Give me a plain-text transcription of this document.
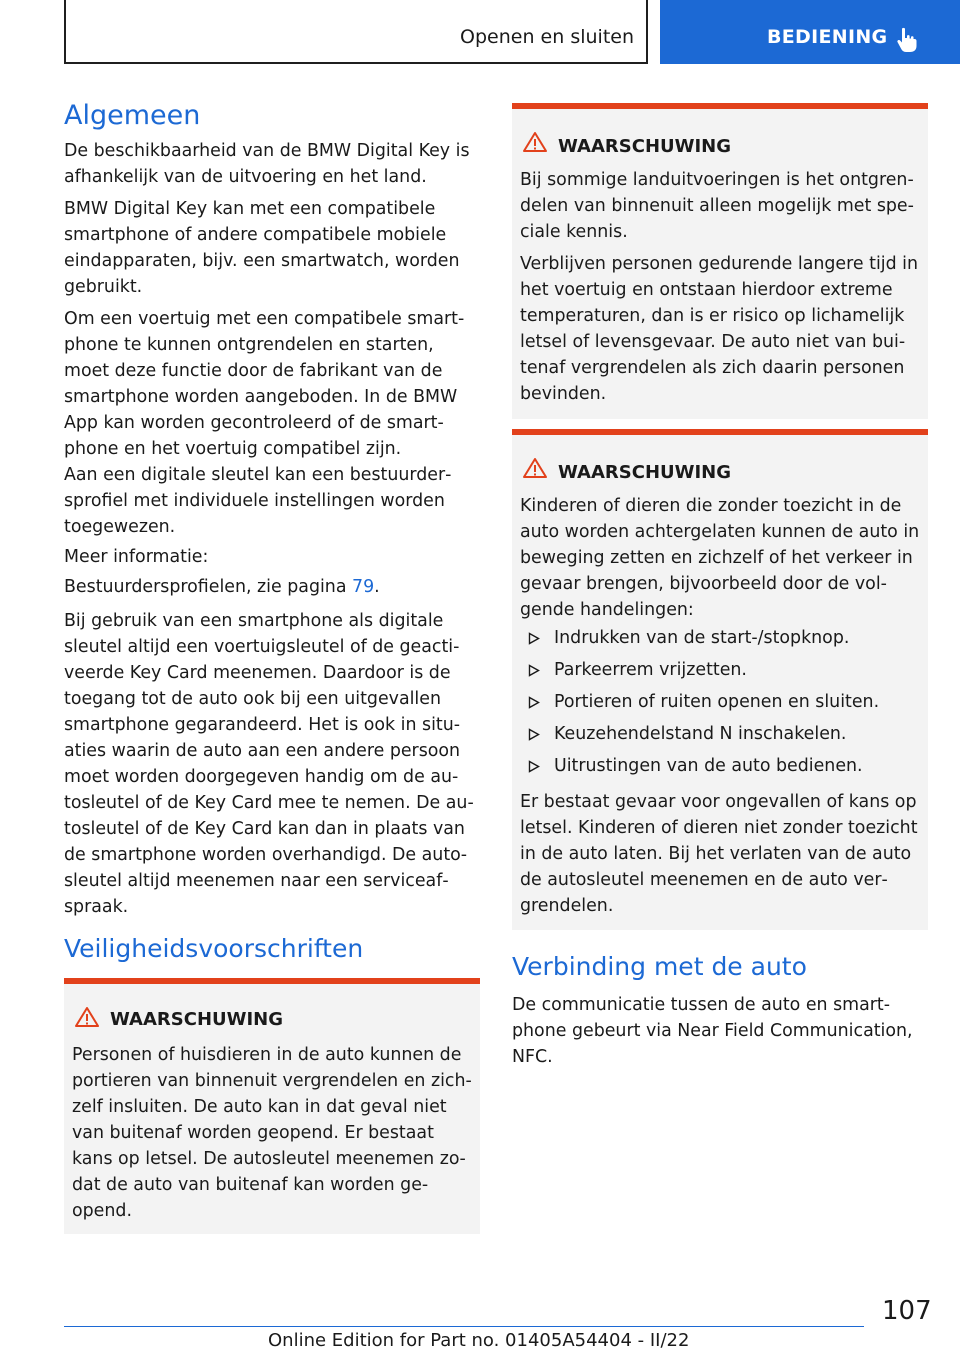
Openen en sluiten	BEDIENING
Algemeen

De beschikbaarheid van de BMW Digital Key is afhankelijk van de uitvoering en het land.

BMW Digital Key kan met een compatibele smartphone of andere compatibele mobiele eindapparaten, bijv. een smartwatch, worden gebruikt.

Om een voertuig met een compatibele smartphone te kunnen ontgrendelen en starten, moet deze functie door de fabrikant van de smartphone worden aangeboden. In de BMW App kan worden gecontroleerd of de smartphone en het voertuig compatibel zijn.

Aan een digitale sleutel kan een bestuurdersprofiel met individuele instellingen worden toegewezen.

Meer informatie:

Bestuurdersprofielen, zie pagina 79.

Bij gebruik van een smartphone als digitale sleutel altijd een voertuigsleutel of de geactiveerde Key Card meenemen. Daardoor is de toegang tot de auto ook bij een uitgevallen smartphone gegarandeerd. Het is ook in situaties waarin de auto aan een andere persoon moet worden doorgegeven handig om de autosleutel of de Key Card mee te nemen. De autosleutel of de Key Card kan dan in plaats van de smartphone worden overhandigd. De autosleutel altijd meenemen naar een serviceafspraak.

Veiligheidsvoorschriften
WAARSCHUWING

Personen of huisdieren in de auto kunnen de portieren van binnenuit vergrendelen en zichzelf insluiten. De auto kan in dat geval niet van buitenaf worden geopend. Er bestaat kans op letsel. De autosleutel meenemen zodat de auto van buitenaf kan worden geopend.

WAARSCHUWING

Bij sommige landuitvoeringen is het ontgrendelen van binnenuit alleen mogelijk met speciale kennis.

Verblijven personen gedurende langere tijd in het voertuig en ontstaan hierdoor extreme temperaturen, dan is er risico op lichamelijk letsel of levensgevaar. De auto niet van buitenaf vergrendelen als zich daarin personen bevinden.

WAARSCHUWING

Kinderen of dieren die zonder toezicht in de auto worden achtergelaten kunnen de auto in beweging zetten en zichzelf of het verkeer in gevaar brengen, bijvoorbeeld door de volgende handelingen:

Indrukken van de start-/stopknop.
Parkeerrem vrijzetten.
Portieren of ruiten openen en sluiten.
Keuzehendelstand N inschakelen.
Uitrustingen van de auto bedienen.

Er bestaat gevaar voor ongevallen of kans op letsel. Kinderen of dieren niet zonder toezicht in de auto laten. Bij het verlaten van de auto de autosleutel meenemen en de auto vergrendelen.

Verbinding met de auto

De communicatie tussen de auto en smartphone gebeurt via Near Field Communication, NFC.

107
Online Edition for Part no. 01405A54404 - II/22
